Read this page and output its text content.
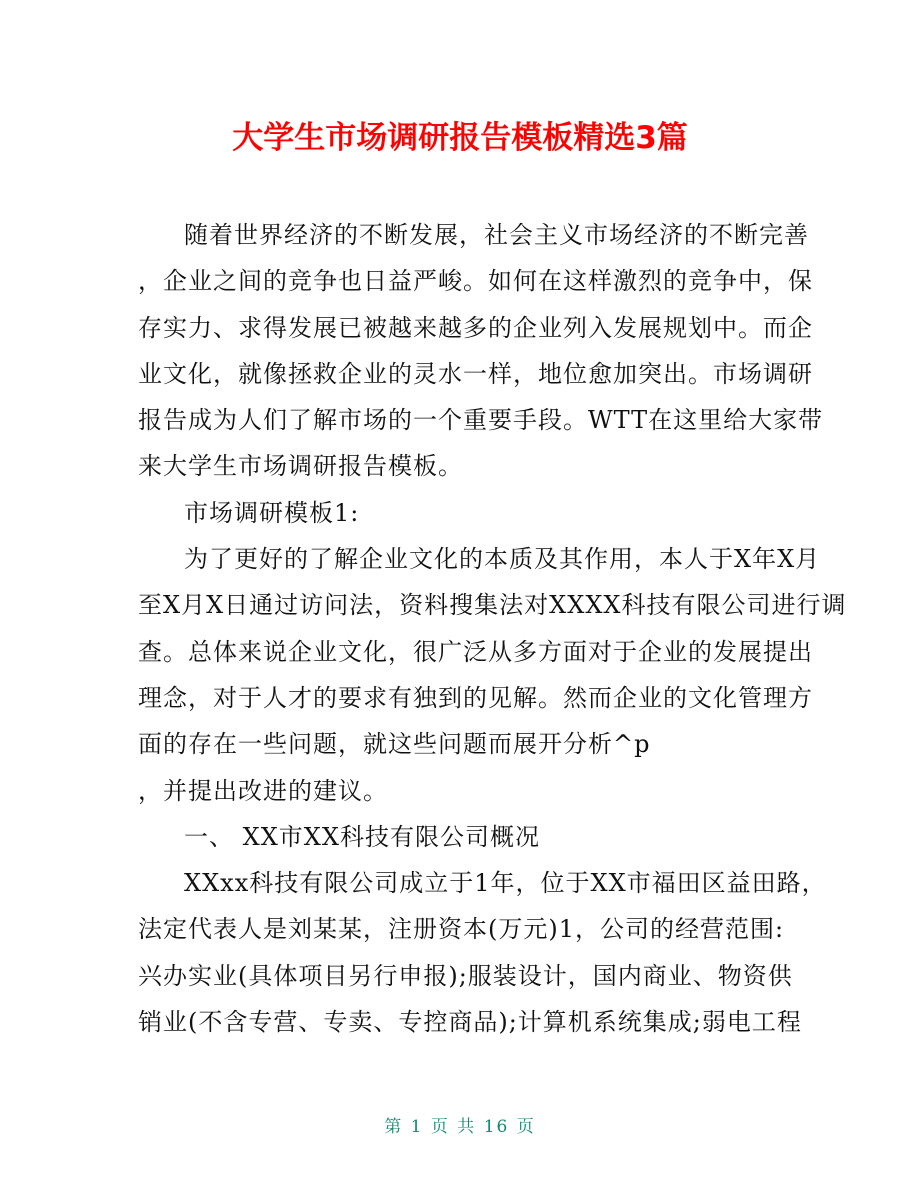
大学生市场调研报告模板精选3篇
随着世界经济的不断发展，社会主义市场经济的不断完善
，企业之间的竞争也日益严峻。如何在这样激烈的竞争中，保
存实力、求得发展已被越来越多的企业列入发展规划中。而企
业文化，就像拯救企业的灵水一样，地位愈加突出。市场调研
报告成为人们了解市场的一个重要手段。WTT在这里给大家带
来大学生市场调研报告模板。
市场调研模板1:
为了更好的了解企业文化的本质及其作用，本人于X年X月
至X月X日通过访问法，资料搜集法对XXXX科技有限公司进行调
查。总体来说企业文化，很广泛从多方面对于企业的发展提出
理念，对于人才的要求有独到的见解。然而企业的文化管理方
面的存在一些问题，就这些问题而展开分析^p
，并提出改进的建议。
一、 XX市XX科技有限公司概况
XXxx科技有限公司成立于1年，位于XX市福田区益田路，
法定代表人是刘某某，注册资本(万元)1，公司的经营范围:
兴办实业(具体项目另行申报);服装设计，国内商业、物资供
销业(不含专营、专卖、专控商品);计算机系统集成;弱电工程
第 1 页 共 16 页
